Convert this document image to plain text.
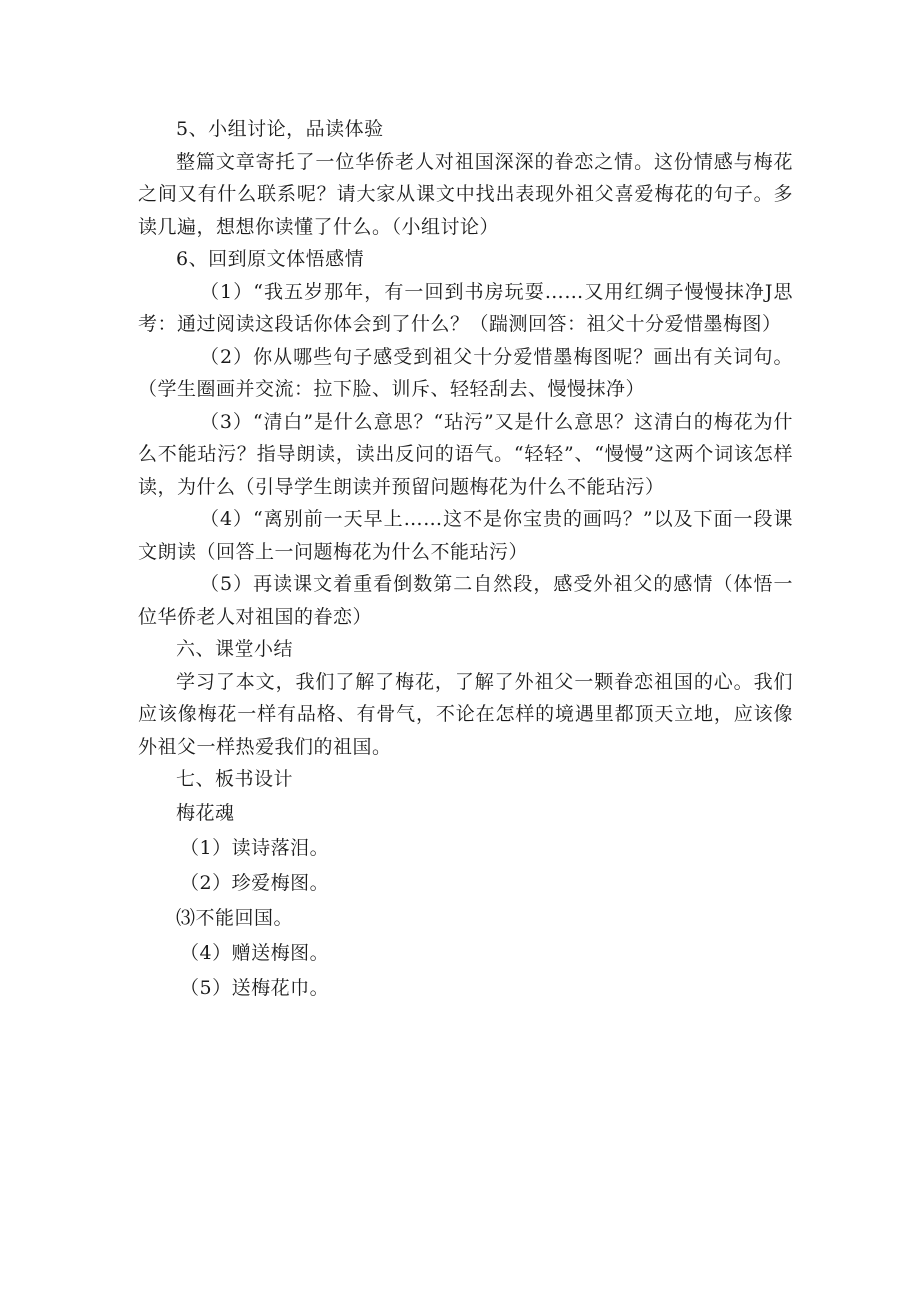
5、小组讨论，品读体验

整篇文章寄托了一位华侨老人对祖国深深的眷恋之情。这份情感与梅花之间又有什么联系呢？请大家从课文中找出表现外祖父喜爱梅花的句子。多读几遍，想想你读懂了什么。（小组讨论）

6、回到原文体悟感情

（1）“我五岁那年，有一回到书房玩耍……又用红绸子慢慢抹净J思考：通过阅读这段话你体会到了什么？（踹测回答：祖父十分爱惜墨梅图）

（2）你从哪些句子感受到祖父十分爱惜墨梅图呢？画出有关词句。（学生圈画并交流：拉下脸、训斥、轻轻刮去、慢慢抹净）

（3）“清白”是什么意思？“玷污”又是什么意思？这清白的梅花为什么不能玷污？指导朗读，读出反问的语气。“轻轻”、“慢慢”这两个词该怎样读，为什么（引导学生朗读并预留问题梅花为什么不能玷污）

（4）“离别前一天早上……这不是你宝贵的画吗？”以及下面一段课文朗读（回答上一问题梅花为什么不能玷污）

（5）再读课文着重看倒数第二自然段，感受外祖父的感情（体悟一位华侨老人对祖国的眷恋）

六、课堂小结

学习了本文，我们了解了梅花，了解了外祖父一颗眷恋祖国的心。我们应该像梅花一样有品格、有骨气，不论在怎样的境遇里都顶天立地，应该像外祖父一样热爱我们的祖国。

七、板书设计

梅花魂

（1）读诗落泪。

（2）珍爱梅图。

⑶不能回国。

（4）赠送梅图。

（5）送梅花巾。
